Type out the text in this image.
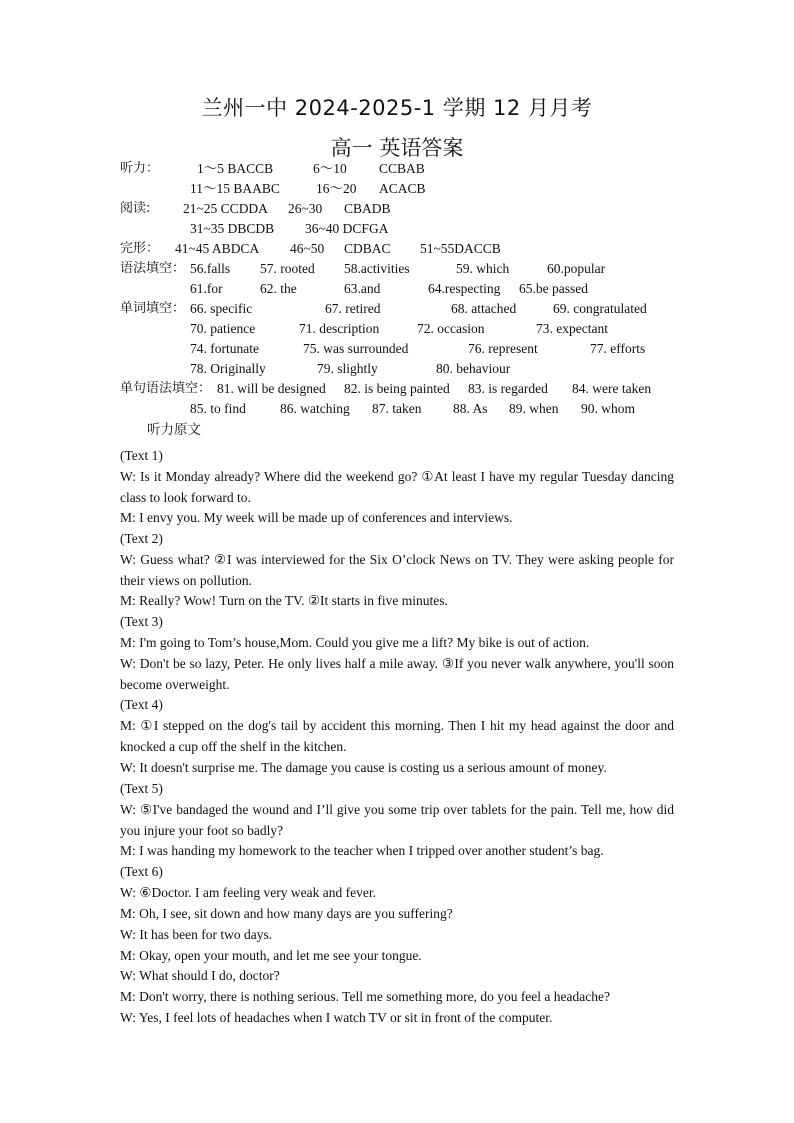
兰州一中 2024-2025-1 学期 12 月月考
高一 英语答案
听力：	1～5 BACCB	6～10 CCBAB
11～15 BAABC	16～20 ACACB
阅读: 21~25 CCDDA 26~30 CBADB
31~35 DBCDB 36~40 DCFGA
完形： 41~45 ABDCA 46~50 CDBAC 51~55DACCB
语法填空： 56.falls 57. rooted 58.activities	59. which	60.popular
61.for	62. the	63.and	64.respecting 65.be passed
单词填空： 66. specific	67. retired	68. attached	69. congratulated
70. patience	71. description	72. occasion	73. expectant
74. fortunate	75. was surrounded	76. represent	77. efforts
78. Originally	79. slightly	80. behaviour
单句语法填空： 81. will be designed 82. is being painted 83. is regarded 84. were taken
85. to find	86. watching 87. taken 88. As 89. when 90. whom
听力原文
(Text 1)
W: Is it Monday already? Where did the weekend go? ①At least I have my regular Tuesday dancing class to look forward to.
M: I envy you. My week will be made up of conferences and interviews.
(Text 2)
W: Guess what? ②I was interviewed for the Six O’clock News on TV. They were asking people for their views on pollution.
M: Really? Wow! Turn on the TV. ②It starts in five minutes.
(Text 3)
M: I'm going to Tom’s house,Mom. Could you give me a lift? My bike is out of action.
W: Don't be so lazy, Peter. He only lives half a mile away. ③If you never walk anywhere, you'll soon become overweight.
(Text 4)
M: ①I stepped on the dog's tail by accident this morning. Then I hit my head against the door and knocked a cup off the shelf in the kitchen.
W: It doesn't surprise me. The damage you cause is costing us a serious amount of money.
(Text 5)
W: ⑤I've bandaged the wound and I’ll give you some trip over tablets for the pain. Tell me, how did you injure your foot so badly?
M: I was handing my homework to the teacher when I tripped over another student’s bag.
(Text 6)
W: ⑥Doctor. I am feeling very weak and fever.
M: Oh, I see, sit down and how many days are you suffering?
W: It has been for two days.
M: Okay, open your mouth, and let me see your tongue.
W: What should I do, doctor?
M: Don't worry, there is nothing serious. Tell me something more, do you feel a headache?
W: Yes, I feel lots of headaches when I watch TV or sit in front of the computer.
